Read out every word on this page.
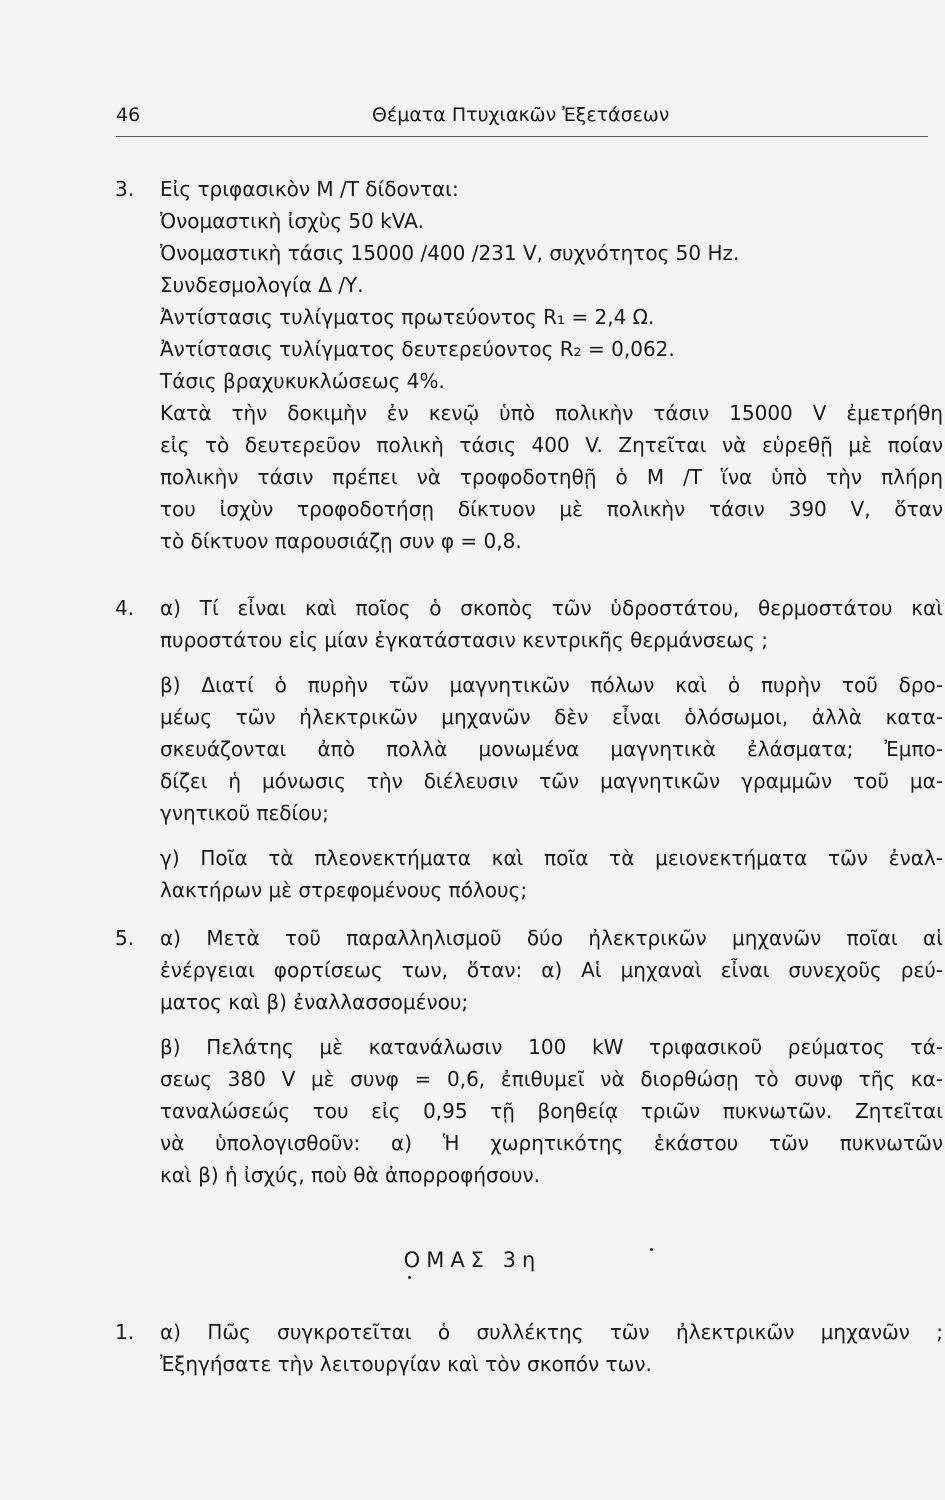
46	Θέματα Πτυχιακῶν Ἐξετάσεων
3. Εἰς τριφασικὸν Μ /Τ δίδονται:
Ὀνομαστικὴ ἰσχὺς 50 kVA.
Ὀνομαστικὴ τάσις 15000 /400 /231 V, συχνότητος 50 Hz.
Συνδεσμολογία Δ /Υ.
Ἀντίστασις τυλίγματος πρωτεύοντος R₁ = 2,4 Ω.
Ἀντίστασις τυλίγματος δευτερεύοντος R₂ = 0,062.
Τάσις βραχυκυκλώσεως 4%.
Κατὰ τὴν δοκιμὴν ἐν κενῷ ὑπὸ πολικὴν τάσιν 15000 V ἐμετρήθη
εἰς τὸ δευτερεῦον πολικὴ τάσις 400 V. Ζητεῖται νὰ εὑρεθῇ μὲ ποίαν
πολικὴν τάσιν πρέπει νὰ τροφοδοτηθῇ ὁ Μ /Τ ἵνα ὑπὸ τὴν πλήρη
του ἰσχὺν τροφοδοτήσῃ δίκτυον μὲ πολικὴν τάσιν 390 V, ὅταν
τὸ δίκτυον παρουσιάζῃ συν φ = 0,8.
4. α) Τί εἶναι καὶ ποῖος ὁ σκοπὸς τῶν ὑδροστάτου, θερμοστάτου καὶ
πυροστάτου εἰς μίαν ἐγκατάστασιν κεντρικῆς θερμάνσεως ;
β) Διατί ὁ πυρὴν τῶν μαγνητικῶν πόλων καὶ ὁ πυρὴν τοῦ δρο-
μέως τῶν ἠλεκτρικῶν μηχανῶν δὲν εἶναι ὁλόσωμοι, ἀλλὰ κατα-
σκευάζονται ἀπὸ πολλὰ μονωμένα μαγνητικὰ ἐλάσματα; Ἐμπο-
δίζει ἡ μόνωσις τὴν διέλευσιν τῶν μαγνητικῶν γραμμῶν τοῦ μα-
γνητικοῦ πεδίου;
γ) Ποῖα τὰ πλεονεκτήματα καὶ ποῖα τὰ μειονεκτήματα τῶν ἐναλ-
λακτήρων μὲ στρεφομένους πόλους;
5. α) Μετὰ τοῦ παραλληλισμοῦ δύο ἠλεκτρικῶν μηχανῶν ποῖαι αἱ
ἐνέργειαι φορτίσεως των, ὅταν: α) Αἱ μηχαναὶ εἶναι συνεχοῦς ρεύ-
ματος καὶ β) ἐναλλασσομένου;
β) Πελάτης μὲ κατανάλωσιν 100 kW τριφασικοῦ ρεύματος τά-
σεως 380 V μὲ συνφ = 0,6, ἐπιθυμεῖ νὰ διορθώσῃ τὸ συνφ τῆς κα-
ταναλώσεώς του εἰς 0,95 τῇ βοηθείᾳ τριῶν πυκνωτῶν. Ζητεῖται
νὰ ὑπολογισθοῦν: α) Ἡ χωρητικότης ἑκάστου τῶν πυκνωτῶν
καὶ β) ἡ ἰσχύς, ποὺ θὰ ἀπορροφήσουν.
ΟΜΑΣ 3η
1. α) Πῶς συγκροτεῖται ὁ συλλέκτης τῶν ἠλεκτρικῶν μηχανῶν ;
Ἐξηγήσατε τὴν λειτουργίαν καὶ τὸν σκοπόν των.
